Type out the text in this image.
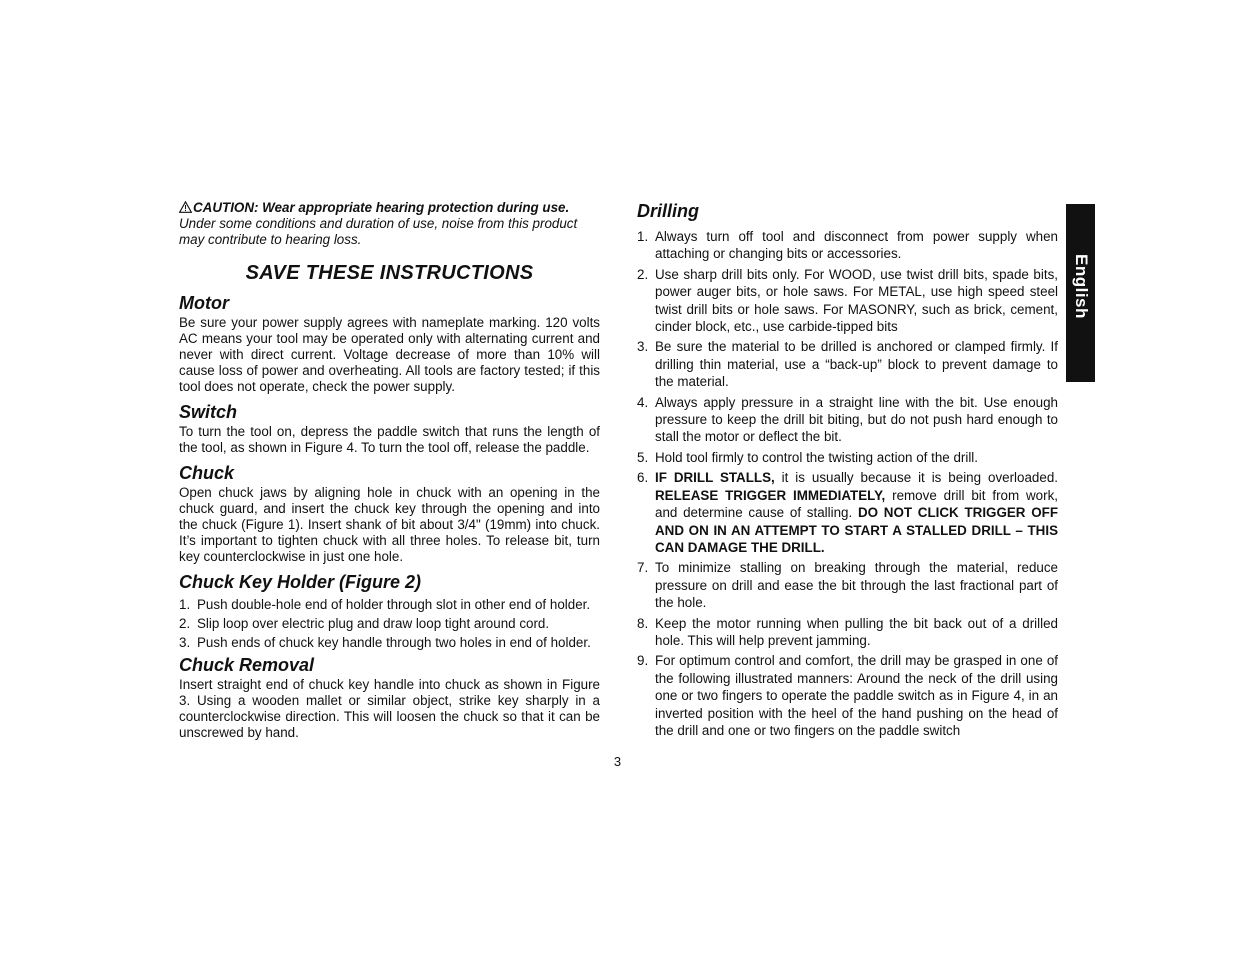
CAUTION: Wear appropriate hearing protection during use.
Under some conditions and duration of use, noise from this product may contribute to hearing loss.
SAVE THESE INSTRUCTIONS
Motor
Be sure your power supply agrees with nameplate marking. 120 volts AC means your tool may be operated only with alternating current and never with direct current. Voltage decrease of more than 10% will cause loss of power and overheating. All tools are factory tested; if this tool does not operate, check the power supply.
Switch
To turn the tool on, depress the paddle switch that runs the length of the tool, as shown in Figure 4. To turn the tool off, release the paddle.
Chuck
Open chuck jaws by aligning hole in chuck with an opening in the chuck guard, and insert the chuck key through the opening and into the chuck (Figure 1). Insert shank of bit about 3/4" (19mm) into chuck. It’s important to tighten chuck with all three holes. To release bit, turn key counterclockwise in just one hole.
Chuck Key Holder (Figure 2)
1. Push double-hole end of holder through slot in other end of holder.
2. Slip loop over electric plug and draw loop tight around cord.
3. Push ends of chuck key handle through two holes in end of holder.
Chuck Removal
Insert straight end of chuck key handle into chuck as shown in Figure 3. Using a wooden mallet or similar object, strike key sharply in a counterclockwise direction. This will loosen the chuck so that it can be unscrewed by hand.
Drilling
1. Always turn off tool and disconnect from power supply when attaching or changing bits or accessories.
2. Use sharp drill bits only. For WOOD, use twist drill bits, spade bits, power auger bits, or hole saws. For METAL, use high speed steel twist drill bits or hole saws. For MASONRY, such as brick, cement, cinder block, etc., use carbide-tipped bits
3. Be sure the material to be drilled is anchored or clamped firmly. If drilling thin material, use a “back-up” block to prevent damage to the material.
4. Always apply pressure in a straight line with the bit. Use enough pressure to keep the drill bit biting, but do not push hard enough to stall the motor or deflect the bit.
5. Hold tool firmly to control the twisting action of the drill.
6. IF DRILL STALLS, it is usually because it is being overloaded. RELEASE TRIGGER IMMEDIATELY, remove drill bit from work, and determine cause of stalling. DO NOT CLICK TRIGGER OFF AND ON IN AN ATTEMPT TO START A STALLED DRILL – THIS CAN DAMAGE THE DRILL.
7. To minimize stalling on breaking through the material, reduce pressure on drill and ease the bit through the last fractional part of the hole.
8. Keep the motor running when pulling the bit back out of a drilled hole. This will help prevent jamming.
9. For optimum control and comfort, the drill may be grasped in one of the following illustrated manners: Around the neck of the drill using one or two fingers to operate the paddle switch as in Figure 4, in an inverted position with the heel of the hand pushing on the head of the drill and one or two fingers on the paddle switch
English
3
